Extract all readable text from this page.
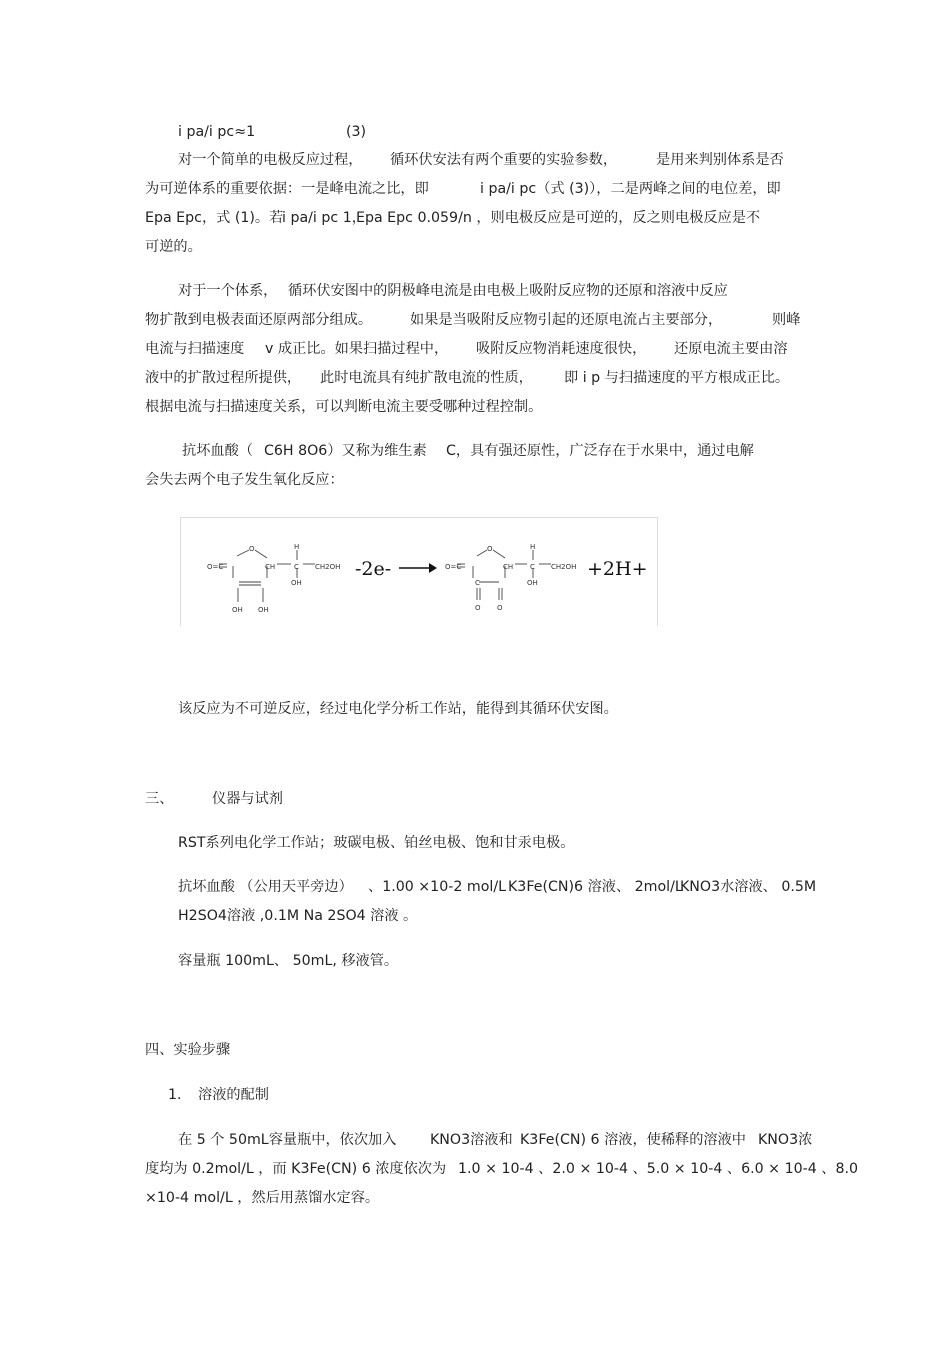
i pa/i pc≈1	(3)
对一个简单的电极反应过程， 循环伏安法有两个重要的实验参数，	是用来判别体系是否
为可逆体系的重要依据：一是峰电流之比，即	i pa/i pc（式 (3)），二是两峰之间的电位差，即
Epa Epc，式 (1)。若
i pa/i pc 1，
Epa Epc 0.059/n ，则电极反应是可逆的，反之则电极反应是不
可逆的。
对于一个体系， 循环伏安图中的阴极峰电流是由电极上吸附反应物的还原和溶液中反应
物扩散到电极表面还原两部分组成。	如果是当吸附反应物引起的还原电流占主要部分，	则峰
电流与扫描速度 v 成正比。如果扫描过程中， 吸附反应物消耗速度很快， 还原电流主要由溶
液中的扩散过程所提供， 此时电流具有纯扩散电流的性质， 即 i p 与扫描速度的平方根成正比。
根据电流与扫描速度关系，可以判断电流主要受哪种过程控制。
抗坏血酸（ C6H 8O6）又称为维生素 C，具有强还原性，广泛存在于水果中，通过电解
会失去两个电子发生氧化反应：
O
O=C	CH	C
H
CH2OH
OH
OH OH
-2e-
O
O=C	CH C
H
CH2OH
OH
C
O O
+2H+
该反应为不可逆反应，经过电化学分析工作站，能得到其循环伏安图。
三、	仪器与试剂
RST系列电化学工作站；玻碳电极、铂丝电极、饱和甘汞电极。
抗坏血酸 （公用天平旁边） 、1.00 ×10-2 mol/L K3Fe(CN)6 溶液、 2mol/L
KNO3水溶液、 0.5M
H2SO4溶液 ,0.1M Na 2SO4 溶液 。
容量瓶 100mL、 50mL, 移液管。
四、实验步骤
1. 溶液的配制
在 5 个 50mL容量瓶中，依次加入 KNO3溶液和 K3Fe(CN) 6 溶液，使稀释的溶液中 KNO3浓
度均为 0.2mol/L ，而 K3Fe(CN) 6 浓度依次为 1.0 × 10-4 、2.0 × 10-4 、5.0 × 10-4 、6.0 × 10-4 、8.0
×10-4 mol/L ，然后用蒸馏水定容。
